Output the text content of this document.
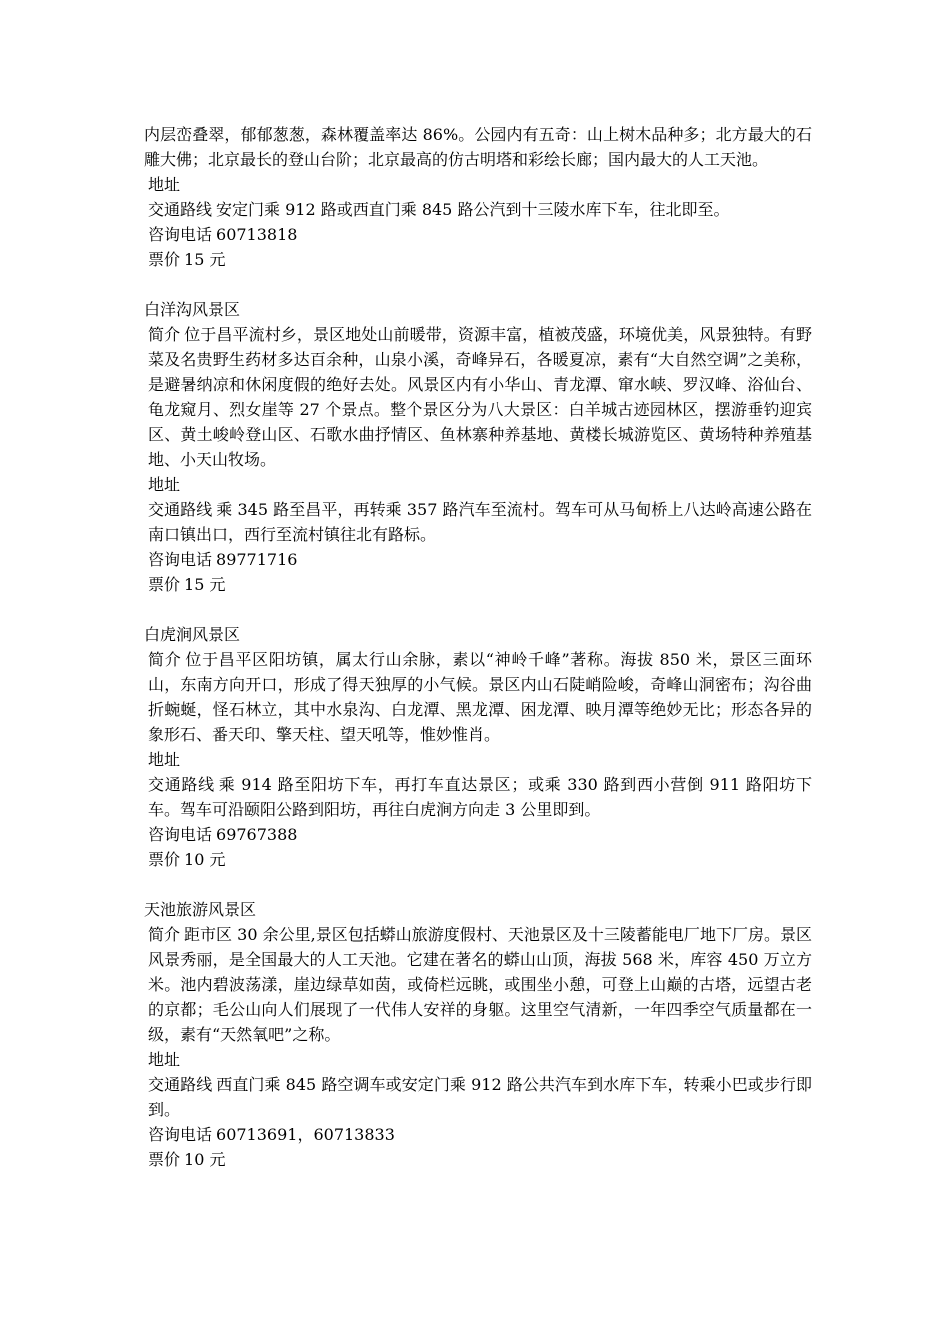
内层峦叠翠，郁郁葱葱，森林覆盖率达 86%。公园内有五奇：山上树木品种多；北方最大的石雕大佛；北京最长的登山台阶；北京最高的仿古明塔和彩绘长廊；国内最大的人工天池。

地址

交通路线 安定门乘 912 路或西直门乘 845 路公汽到十三陵水库下车，往北即至。

咨询电话 60713818

票价 15 元

白洋沟风景区

简介 位于昌平流村乡，景区地处山前暖带，资源丰富，植被茂盛，环境优美，风景独特。有野菜及名贵野生药材多达百余种，山泉小溪，奇峰异石，各暖夏凉，素有“大自然空调”之美称，是避暑纳凉和休闲度假的绝好去处。风景区内有小华山、青龙潭、窜水峡、罗汉峰、浴仙台、龟龙窥月、烈女崖等 27 个景点。整个景区分为八大景区：白羊城古迹园林区，摆游垂钓迎宾区、黄土峻岭登山区、石歌水曲抒情区、鱼林寨种养基地、黄楼长城游览区、黄场特种养殖基地、小天山牧场。

地址

交通路线 乘 345 路至昌平，再转乘 357 路汽车至流村。驾车可从马甸桥上八达岭高速公路在南口镇出口，西行至流村镇往北有路标。

咨询电话 89771716

票价 15 元

白虎涧风景区

简介 位于昌平区阳坊镇，属太行山余脉，素以“神岭千峰”著称。海拔 850 米，景区三面环山，东南方向开口，形成了得天独厚的小气候。景区内山石陡峭险峻，奇峰山洞密布；沟谷曲折蜿蜒，怪石林立，其中水泉沟、白龙潭、黑龙潭、困龙潭、映月潭等绝妙无比；形态各异的象形石、番天印、擎天柱、望天吼等，惟妙惟肖。

地址

交通路线 乘 914 路至阳坊下车，再打车直达景区；或乘 330 路到西小营倒 911 路阳坊下车。驾车可沿颐阳公路到阳坊，再往白虎涧方向走 3 公里即到。

咨询电话 69767388

票价 10 元

天池旅游风景区

简介 距市区 30 余公里,景区包括蟒山旅游度假村、天池景区及十三陵蓄能电厂地下厂房。景区风景秀丽，是全国最大的人工天池。它建在著名的蟒山山顶，海拔 568 米，库容 450 万立方米。池内碧波荡漾，崖边绿草如茵，或倚栏远眺，或围坐小憩，可登上山巅的古塔，远望古老的京都；毛公山向人们展现了一代伟人安祥的身躯。这里空气清新，一年四季空气质量都在一级，素有“天然氧吧”之称。

地址

交通路线 西直门乘 845 路空调车或安定门乘 912 路公共汽车到水库下车，转乘小巴或步行即到。

咨询电话 60713691，60713833

票价 10 元
